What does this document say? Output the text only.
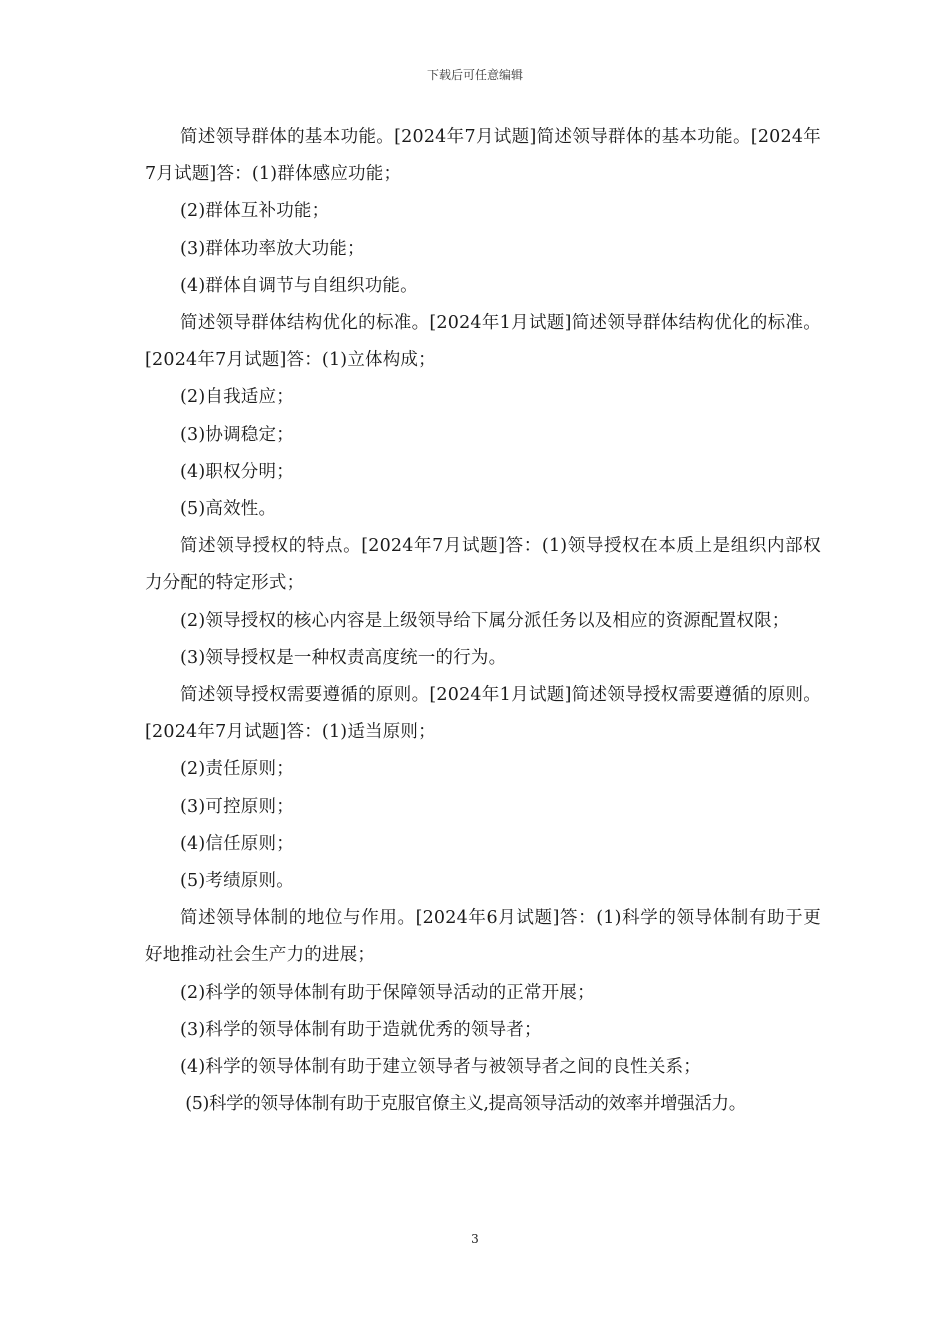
下载后可任意编辑

简述领导群体的基本功能。[2024年7月试题]简述领导群体的基本功能。[2024年7月试题]答：(1)群体感应功能；

(2)群体互补功能；

(3)群体功率放大功能；

(4)群体自调节与自组织功能。

简述领导群体结构优化的标准。[2024年1月试题]简述领导群体结构优化的标准。[2024年7月试题]答：(1)立体构成；

(2)自我适应；

(3)协调稳定；

(4)职权分明；

(5)高效性。

简述领导授权的特点。[2024年7月试题]答：(1)领导授权在本质上是组织内部权力分配的特定形式；

(2)领导授权的核心内容是上级领导给下属分派任务以及相应的资源配置权限；

(3)领导授权是一种权责高度统一的行为。

简述领导授权需要遵循的原则。[2024年1月试题]简述领导授权需要遵循的原则。[2024年7月试题]答：(1)适当原则；

(2)责任原则；

(3)可控原则；

(4)信任原则；

(5)考绩原则。

简述领导体制的地位与作用。[2024年6月试题]答：(1)科学的领导体制有助于更好地推动社会生产力的进展；

(2)科学的领导体制有助于保障领导活动的正常开展；

(3)科学的领导体制有助于造就优秀的领导者；

(4)科学的领导体制有助于建立领导者与被领导者之间的良性关系；

(5)科学的领导体制有助于克服官僚主义,提高领导活动的效率并增强活力。

3
